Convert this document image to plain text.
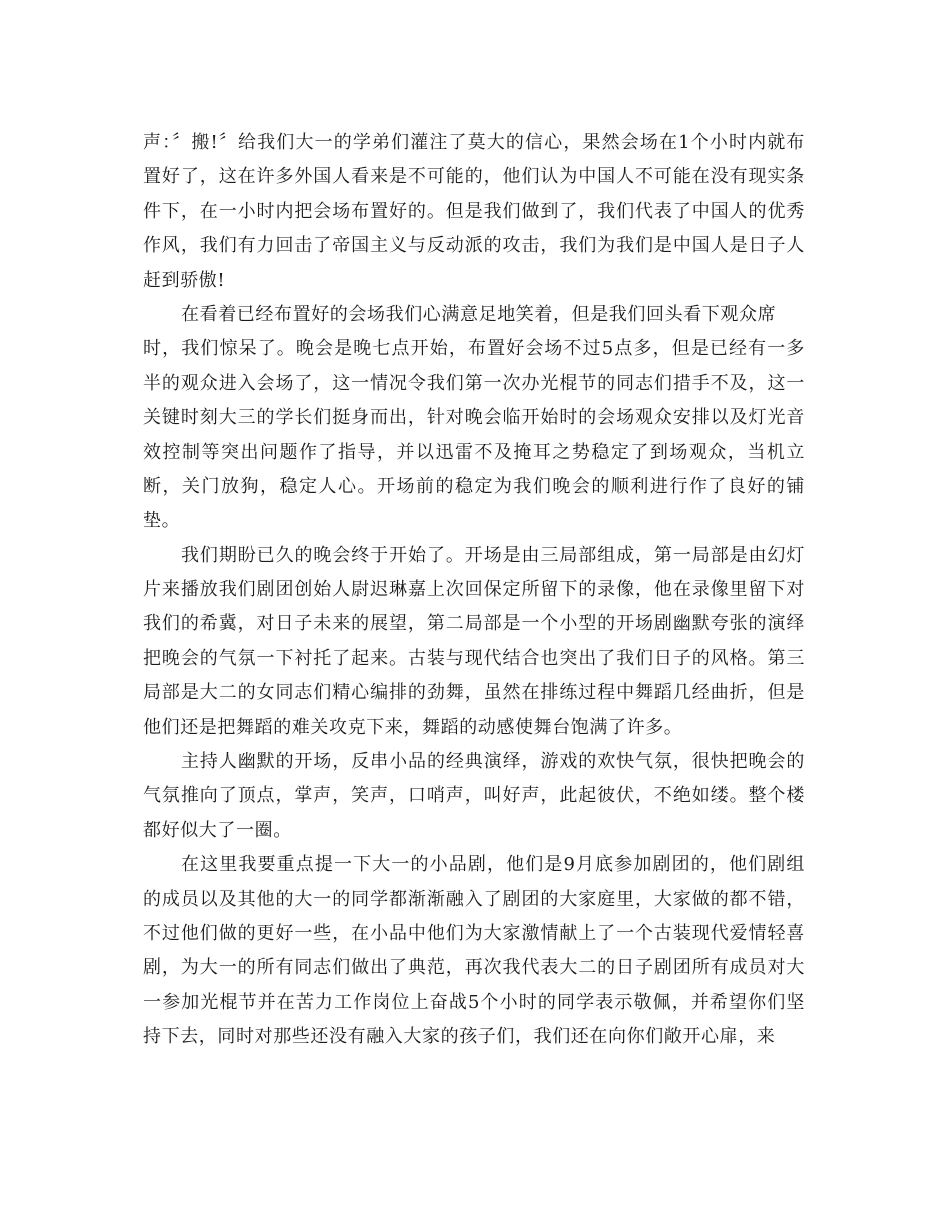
声：〞搬!〞给我们大一的学弟们灌注了莫大的信心，果然会场在1个小时内就布
置好了，这在许多外国人看来是不可能的，他们认为中国人不可能在没有现实条
件下，在一小时内把会场布置好的。但是我们做到了，我们代表了中国人的优秀
作风，我们有力回击了帝国主义与反动派的攻击，我们为我们是中国人是日子人
赶到骄傲!
在看着已经布置好的会场我们心满意足地笑着，但是我们回头看下观众席
时，我们惊呆了。晚会是晚七点开始，布置好会场不过5点多，但是已经有一多
半的观众进入会场了，这一情况令我们第一次办光棍节的同志们措手不及，这一
关键时刻大三的学长们挺身而出，针对晚会临开始时的会场观众安排以及灯光音
效控制等突出问题作了指导，并以迅雷不及掩耳之势稳定了到场观众，当机立
断，关门放狗，稳定人心。开场前的稳定为我们晚会的顺利进行作了良好的铺
垫。
我们期盼已久的晚会终于开始了。开场是由三局部组成，第一局部是由幻灯
片来播放我们剧团创始人尉迟琳嘉上次回保定所留下的录像，他在录像里留下对
我们的希冀，对日子未来的展望，第二局部是一个小型的开场剧幽默夸张的演绎
把晚会的气氛一下衬托了起来。古装与现代结合也突出了我们日子的风格。第三
局部是大二的女同志们精心编排的劲舞，虽然在排练过程中舞蹈几经曲折，但是
他们还是把舞蹈的难关攻克下来，舞蹈的动感使舞台饱满了许多。
主持人幽默的开场，反串小品的经典演绎，游戏的欢快气氛，很快把晚会的
气氛推向了顶点，掌声，笑声，口哨声，叫好声，此起彼伏，不绝如缕。整个楼
都好似大了一圈。
在这里我要重点提一下大一的小品剧，他们是9月底参加剧团的，他们剧组
的成员以及其他的大一的同学都渐渐融入了剧团的大家庭里，大家做的都不错，
不过他们做的更好一些，在小品中他们为大家激情献上了一个古装现代爱情轻喜
剧，为大一的所有同志们做出了典范，再次我代表大二的日子剧团所有成员对大
一参加光棍节并在苦力工作岗位上奋战5个小时的同学表示敬佩，并希望你们坚
持下去，同时对那些还没有融入大家的孩子们，我们还在向你们敞开心扉，来
